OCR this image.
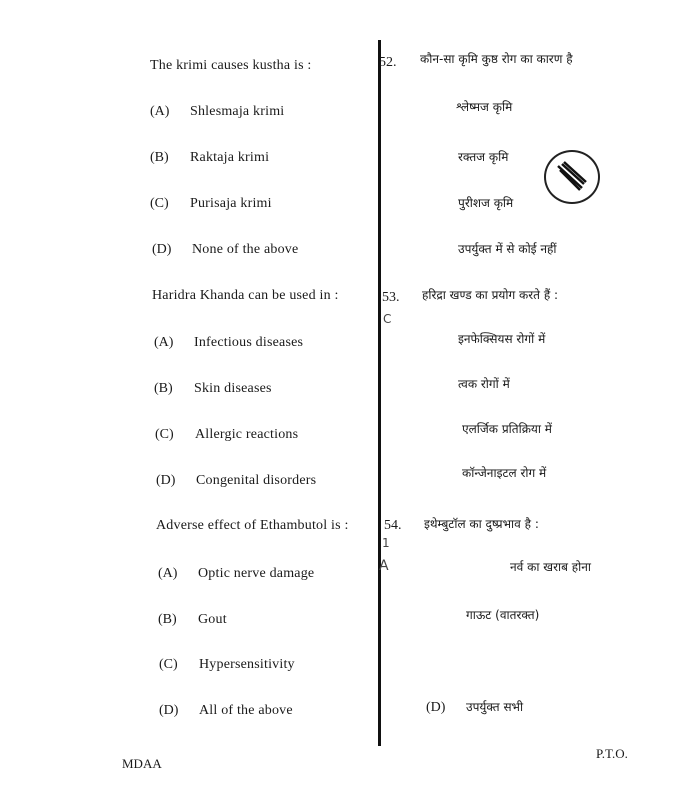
The krimi causes kustha is :	52. कौन-सा कृमि कुष्ठ रोग का कारण है
(A) Shlesmaja krimi	श्लेष्मज कृमि
(B) Raktaja krimi	रक्तज कृमि
(C) Purisaja krimi	पुरीशज कृमि
(D) None of the above	उपर्युक्त में से कोई नहीं
Haridra Khanda can be used in :	53. हरिद्रा खण्ड का प्रयोग करते हैं :
C
(A) Infectious diseases	इनफेक्सियस रोगों में
(B) Skin diseases	त्वक रोगों में
(C) Allergic reactions	एलर्जिक प्रतिक्रिया में
(D) Congenital disorders	कॉन्जेनाइटल रोग में
Adverse effect of Ethambutol is :	54. इथेम्बुटॉल का दुष्प्रभाव है :
1
A
(A) Optic nerve damage	नर्व का खराब होना
(B) Gout	गाऊट (वातरक्त)
(C) Hypersensitivity
(D) All of the above	(D) उपर्युक्त सभी
MDAA
P.T.O.
